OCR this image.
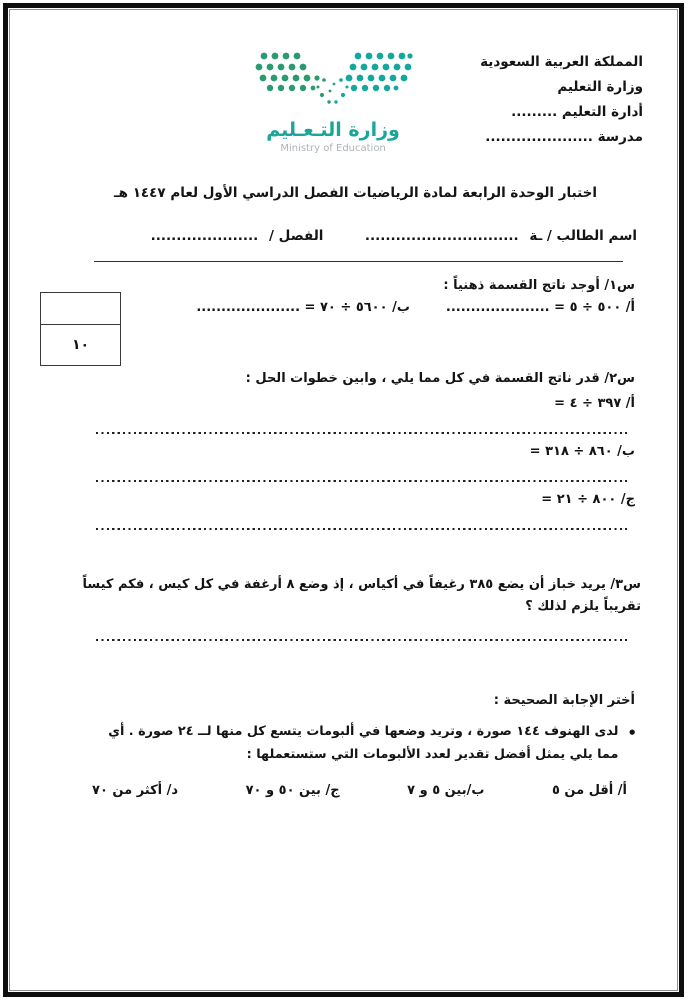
المملكة العربية السعودية
وزارة التعليم
أدارة التعليم .........
مدرسة .....................
وزارة التـعـليم
Ministry of Education
اختبار الوحدة الرابعة لمادة الرياضيات الفصل الدراسي الأول لعام ١٤٤٧ هـ
اسم الطالب / ـة ..............................  الفصل / .....................
س١/ أوجد ناتج القسمة ذهنياً :
أ/ ٥٠٠ ÷ ٥ = .....................
ب/ ٥٦٠٠ ÷ ٧٠ = .....................
س٢/ قدر ناتج القسمة في كل مما يلي ، وابين خطوات الحل :
أ/ ٣٩٧ ÷ ٤ =
ب/ ٨٦٠ ÷ ٣١٨ =
ج/ ٨٠٠ ÷ ٢١ =
س٣/ يريد خباز أن يضع ٣٨٥ رغيفاً في أكياس ، إذ وضع ٨ أرغفة في كل كيس ، فكم كيساً تقريباً يلزم لذلك ؟
أختر الإجابة الصحيحة :
•
لدى الهنوف ١٤٤ صورة ، وتريد وضعها في ألبومات يتسع كل منها لــ ٢٤ صورة . أي مما يلي يمثل أفضل تقدير لعدد الألبومات التي ستستعملها :
أ/ أقل من ٥
ب/بين ٥ و ٧
ج/ بين ٥٠ و ٧٠
د/ أكثر من ٧٠
١٠
